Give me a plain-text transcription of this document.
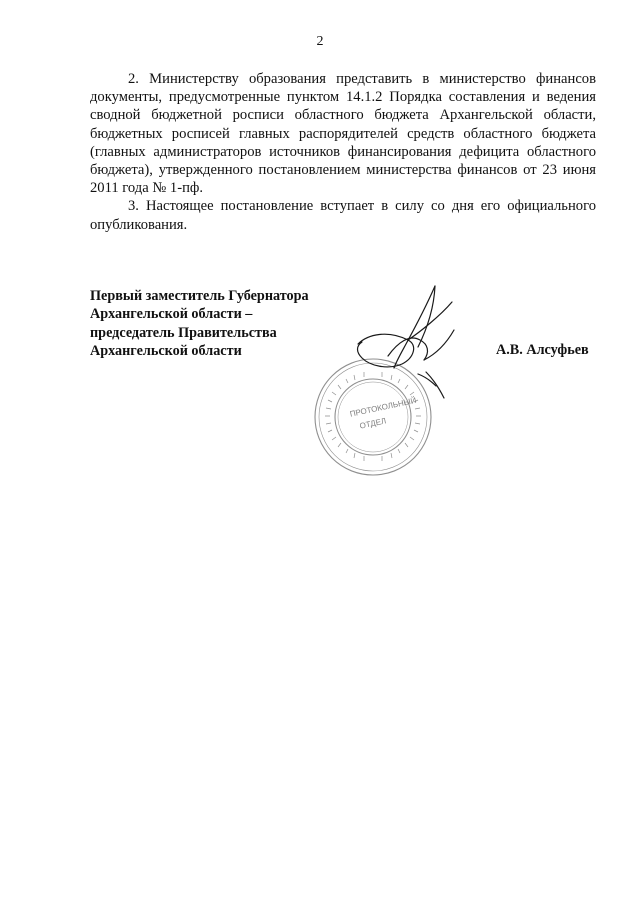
2

2. Министерству образования представить в министерство финансов документы, предусмотренные пунктом 14.1.2 Порядка составления и ведения сводной бюджетной росписи областного бюджета Архангельской области, бюджетных росписей главных распорядителей средств областного бюджета (главных администраторов источников финансирования дефицита областного бюджета), утвержденного постановлением министерства финансов от 23 июня 2011 года № 1-пф.

3. Настоящее постановление вступает в силу со дня его официального опубликования.

Первый заместитель Губернатора
Архангельской области –
председатель Правительства
Архангельской области	А.В. Алсуфьев
ПРОТОКОЛЬНЫЙ
ОТДЕЛ
